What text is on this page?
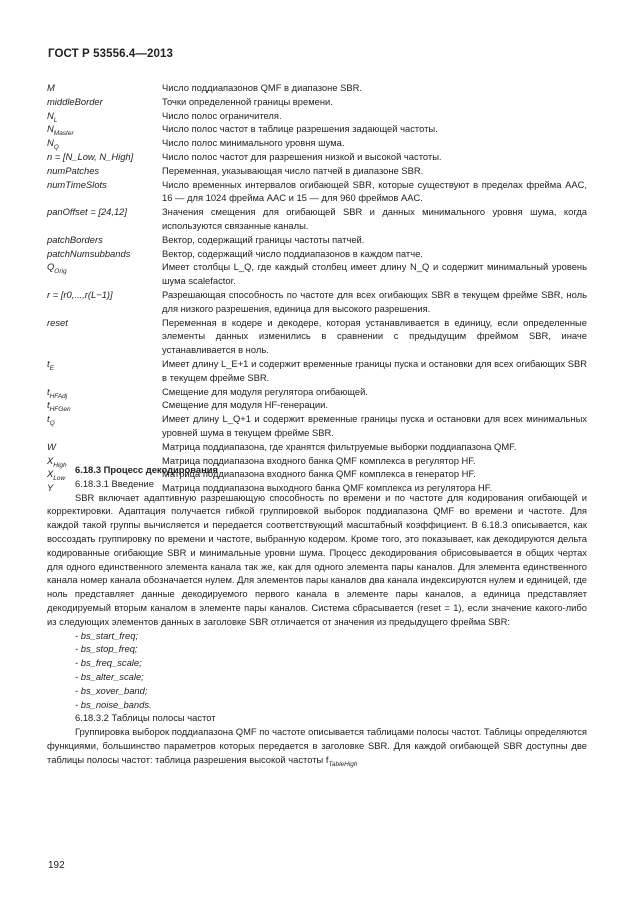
ГОСТ Р 53556.4—2013
M	Число поддиапазонов QMF в диапазоне SBR.
middleBorder	Точки определенной границы времени.
$N_L$	Число полос ограничителя.
$N_{Master}$	Число полос частот в таблице разрешения задающей частоты.
$N_Q$	Число полос минимального уровня шума.
n = [N_Low, N_High]	Число полос частот для разрешения низкой и высокой частоты.
numPatches	Переменная, указывающая число патчей в диапазоне SBR.
numTimeSlots	Число временных интервалов огибающей SBR, которые существуют в пределах фрейма AAC, 16 — для 1024 фрейма AAC и 15 — для 960 фреймов AAC.
panOffset = [24,12]	Значения смещения для огибающей SBR и данных минимального уровня шума, когда используются связанные каналы.
patchBorders	Вектор, содержащий границы частоты патчей.
patchNumsubbands	Вектор, содержащий число поддиапазонов в каждом патче.
$Q_{Orig}$	Имеет столбцы L_Q, где каждый столбец имеет длину N_Q и содержит минимальный уровень шума scalefactor.
r = [r0,...,r(L−1)]	Разрешающая способность по частоте для всех огибающих SBR в текущем фрейме SBR, ноль для низкого разрешения, единица для высокого разрешения.
reset	Переменная в кодере и декодере, которая устанавливается в единицу, если определенные элементы данных изменились в сравнении с предыдущим фреймом SBR, иначе устанавливается в ноль.
$t_E$	Имеет длину L_E+1 и содержит временные границы пуска и остановки для всех огибающих SBR в текущем фрейме SBR.
$t_{HFAdj}$	Смещение для модуля регулятора огибающей.
$t_{HFGen}$	Смещение для модуля HF-генерации.
$t_Q$	Имеет длину L_Q+1 и содержит временные границы пуска и остановки для всех минимальных уровней шума в текущем фрейме SBR.
W	Матрица поддиапазона, где хранятся фильтруемые выборки поддиапазона QMF.
$X_{High}$	Матрица поддиапазона входного банка QMF комплекса в регулятор HF.
$X_{Low}$	Матрица поддиапазона входного банка QMF комплекса в генератор HF.
Y	Матрица поддиапазона выходного банка QMF комплекса из регулятора HF.
6.18.3 Процесс декодирования
6.18.3.1 Введение
SBR включает адаптивную разрешающую способность по времени и по частоте для кодирования огибающей и корректировки. Адаптация получается гибкой группировкой выборок поддиапазона QMF во времени и частоте. Для каждой такой группы вычисляется и передается соответствующий масштабный коэффициент. В 6.18.3 описывается, как воссоздать группировку по времени и частоте, выбранную кодером. Кроме того, это показывает, как декодируются дельта кодированные огибающие SBR и минимальные уровни шума. Процесс декодирования обрисовывается в общих чертах для одного единственного элемента канала так же, как для одного элемента пары каналов. Для элемента единственного канала номер канала обозначается нулем. Для элементов пары каналов два канала индексируются нулем и единицей, где ноль представляет данные декодируемого первого канала в элементе пары каналов, а единица представляет декодируемый вторым каналом в элементе пары каналов. Система сбрасывается (reset = 1), если значение какого-либо из следующих элементов данных в заголовке SBR отличается от значения из предыдущего фрейма SBR:
- bs_start_freq;
- bs_stop_freq;
- bs_freq_scale;
- bs_alter_scale;
- bs_xover_band;
- bs_noise_bands.
6.18.3.2 Таблицы полосы частот
Группировка выборок поддиапазона QMF по частоте описывается таблицами полосы частот. Таблицы определяются функциями, большинство параметров которых передается в заголовке SBR. Для каждой огибающей SBR доступны две таблицы полосы частот: таблица разрешения высокой частоты $f_{TableHigh}$
192
